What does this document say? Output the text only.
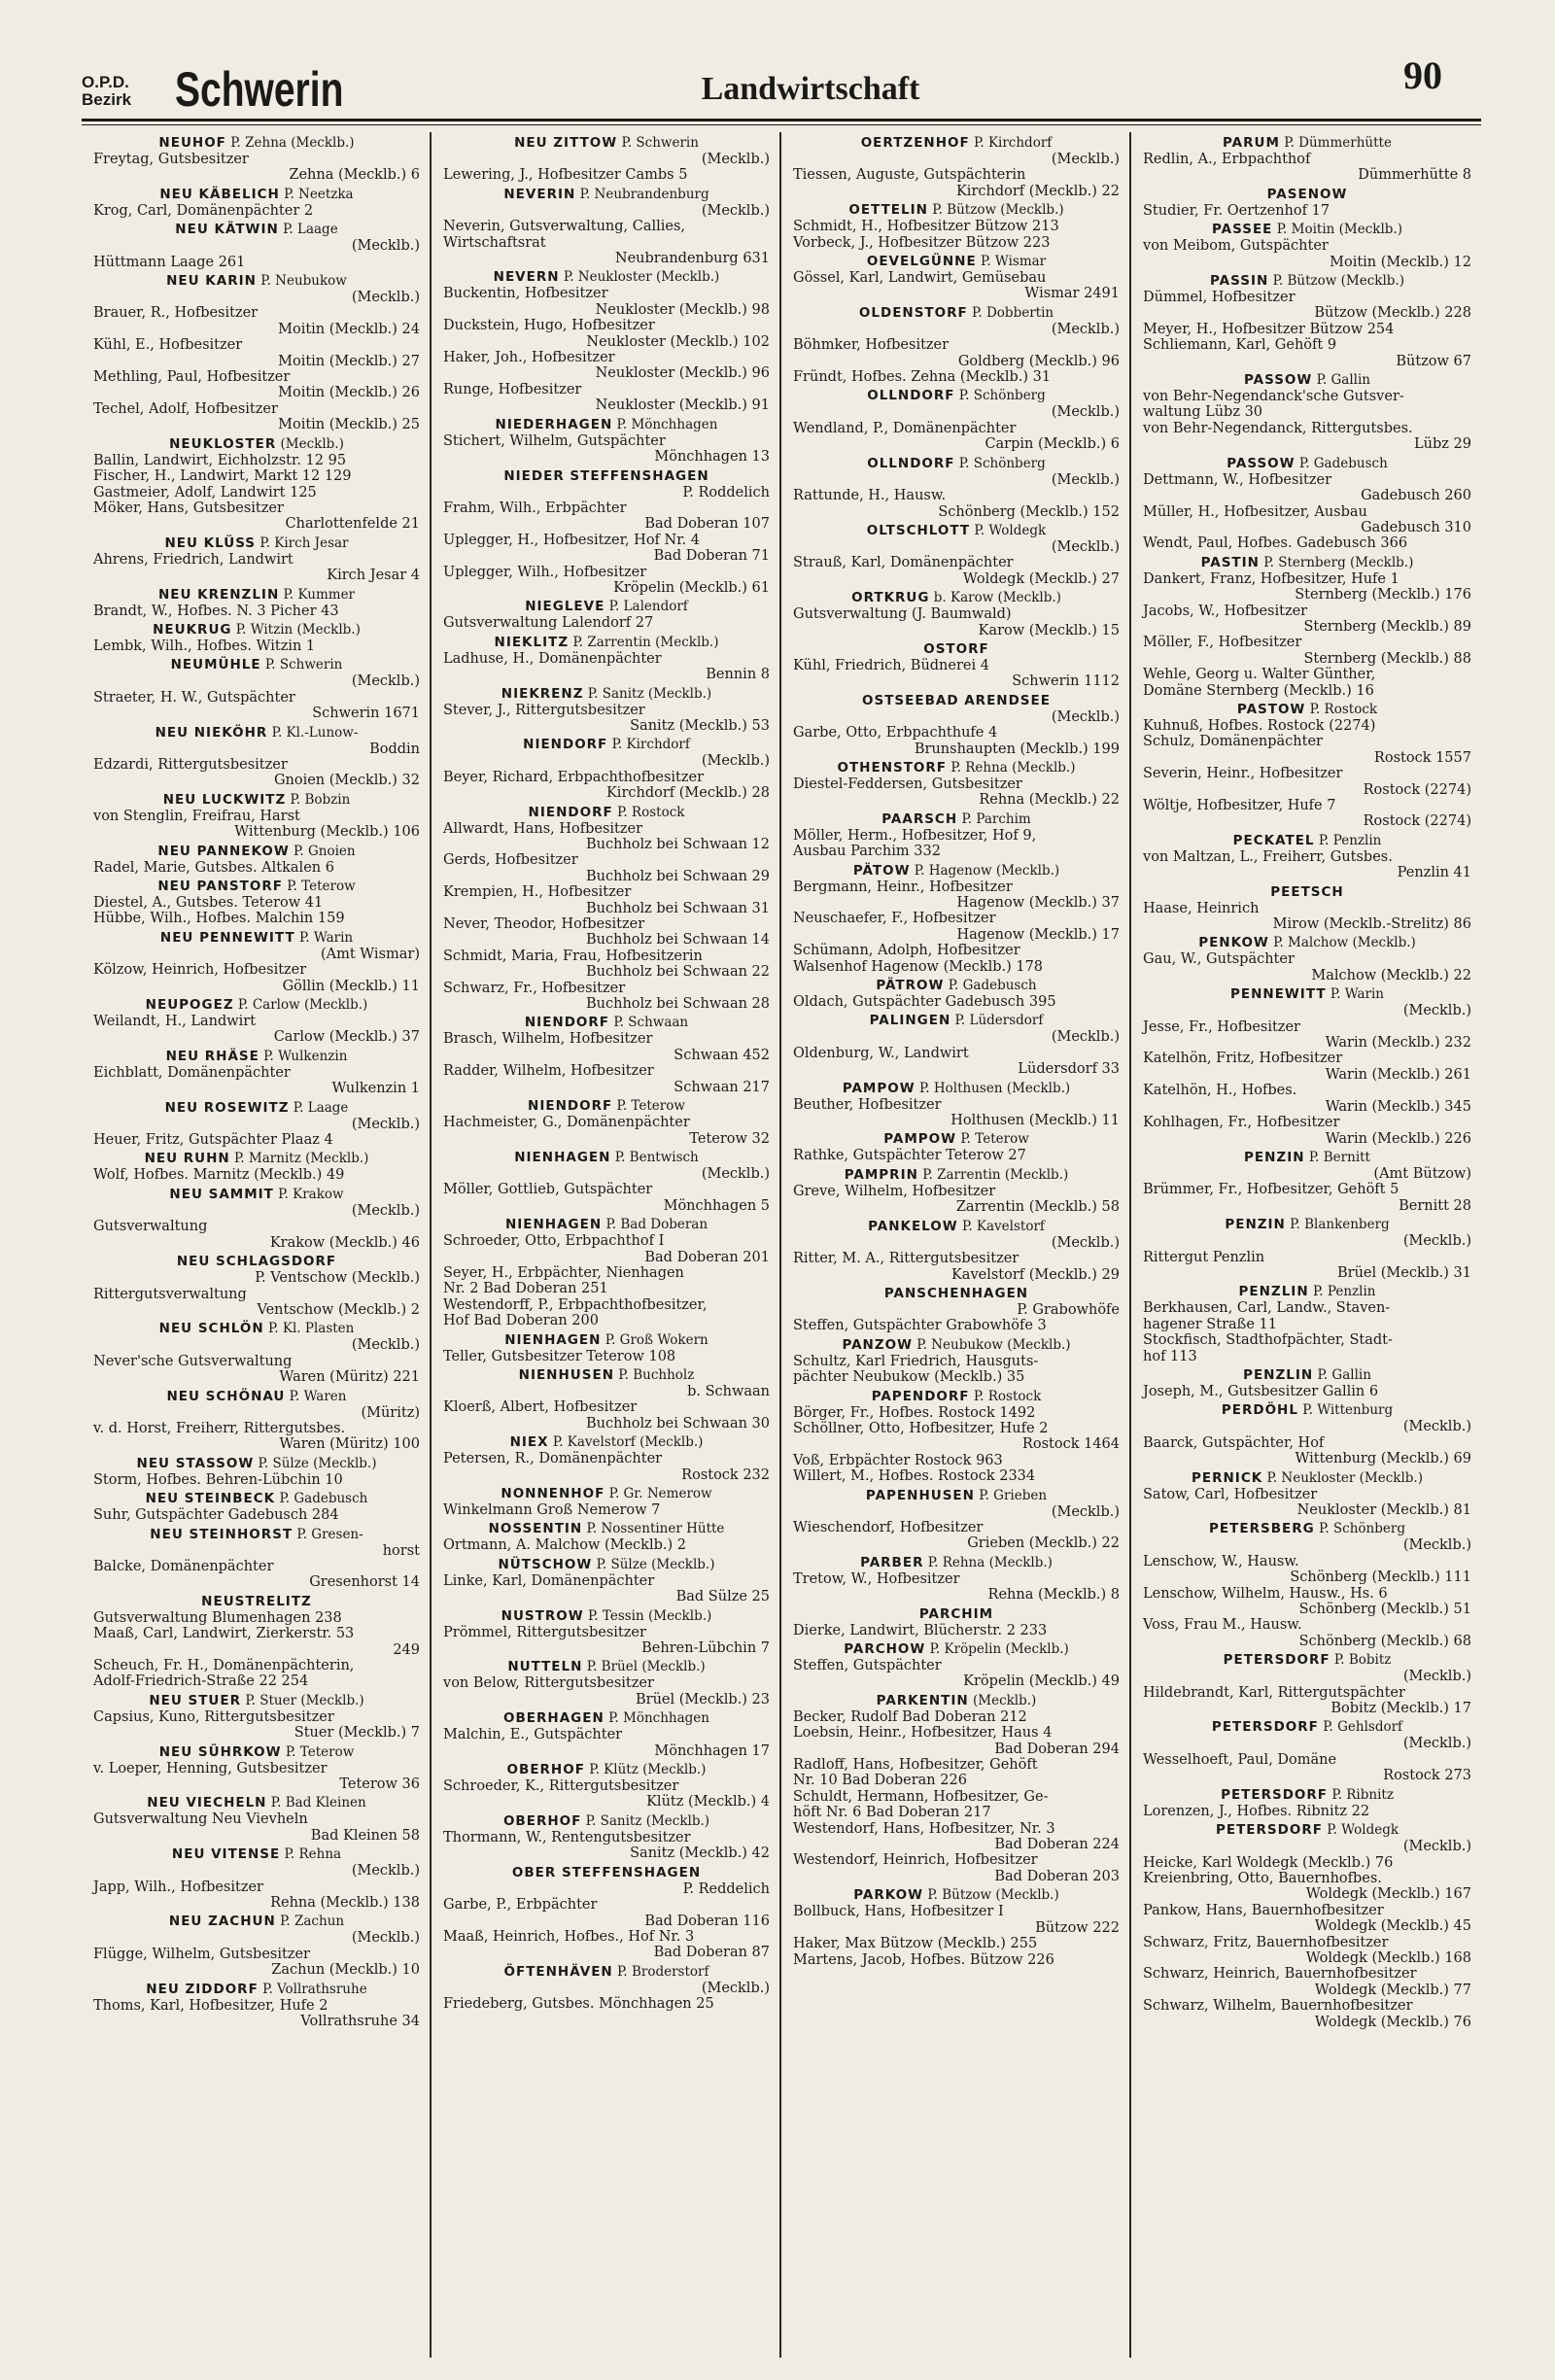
O.P.D.
Bezirk Schwerin	Landwirtschaft	90
NEUHOF P. Zehna (Mecklb.)
Freytag, Gutsbesitzer
Zehna (Mecklb.) 6
NEU KÄBELICH P. Neetzka
Krog, Carl, Domänenpächter 2
NEU KÄTWIN P. Laage
(Mecklb.)
Hüttmann Laage 261
NEU KARIN P. Neubukow
(Mecklb.)
Brauer, R., Hofbesitzer
Moitin (Mecklb.) 24
Kühl, E., Hofbesitzer
Moitin (Mecklb.) 27
Methling, Paul, Hofbesitzer
Moitin (Mecklb.) 26
Techel, Adolf, Hofbesitzer
Moitin (Mecklb.) 25
NEUKLOSTER (Mecklb.)
Ballin, Landwirt, Eichholzstr. 12 95
Fischer, H., Landwirt, Markt 12 129
Gastmeier, Adolf, Landwirt 125
Möker, Hans, Gutsbesitzer
Charlottenfelde 21
NEU KLÜSS P. Kirch Jesar
Ahrens, Friedrich, Landwirt
Kirch Jesar 4
NEU KRENZLIN P. Kummer
Brandt, W., Hofbes. N. 3 Picher 43
NEUKRUG P. Witzin (Mecklb.)
Lembk, Wilh., Hofbes. Witzin 1
NEUMÜHLE P. Schwerin
(Mecklb.)
Straeter, H. W., Gutspächter
Schwerin 1671
NEU NIEKÖHR P. Kl.-Lunow-
Boddin
Edzardi, Rittergutsbesitzer
Gnoien (Mecklb.) 32
NEU LUCKWITZ P. Bobzin
von Stenglin, Freifrau, Harst
Wittenburg (Mecklb.) 106
NEU PANNEKOW P. Gnoien
Radel, Marie, Gutsbes. Altkalen 6
NEU PANSTORF P. Teterow
Diestel, A., Gutsbes. Teterow 41
Hübbe, Wilh., Hofbes. Malchin 159
NEU PENNEWITT P. Warin
(Amt Wismar)
Kölzow, Heinrich, Hofbesitzer
Göllin (Mecklb.) 11
NEUPOGEZ P. Carlow (Mecklb.)
Weilandt, H., Landwirt
Carlow (Mecklb.) 37
NEU RHÄSE P. Wulkenzin
Eichblatt, Domänenpächter
Wulkenzin 1
NEU ROSEWITZ P. Laage
(Mecklb.)
Heuer, Fritz, Gutspächter Plaaz 4
NEU RUHN P. Marnitz (Mecklb.)
Wolf, Hofbes. Marnitz (Mecklb.) 49
NEU SAMMIT P. Krakow
(Mecklb.)
Gutsverwaltung
Krakow (Mecklb.) 46
NEU SCHLAGSDORF
P. Ventschow (Mecklb.)
Rittergutsverwaltung
Ventschow (Mecklb.) 2
NEU SCHLÖN P. Kl. Plasten
(Mecklb.)
Never'sche Gutsverwaltung
Waren (Müritz) 221
NEU SCHÖNAU P. Waren
(Müritz)
v. d. Horst, Freiherr, Rittergutsbes.
Waren (Müritz) 100
NEU STASSOW P. Sülze (Mecklb.)
Storm, Hofbes. Behren-Lübchin 10
NEU STEINBECK P. Gadebusch
Suhr, Gutspächter Gadebusch 284
NEU STEINHORST P. Gresen-
horst
Balcke, Domänenpächter
Gresenhorst 14
NEUSTRELITZ
Gutsverwaltung Blumenhagen 238
Maaß, Carl, Landwirt, Zierkerstr. 53
249
Scheuch, Fr. H., Domänenpächterin,
Adolf-Friedrich-Straße 22 254
NEU STUER P. Stuer (Mecklb.)
Capsius, Kuno, Rittergutsbesitzer
Stuer (Mecklb.) 7
NEU SÜHRKOW P. Teterow
v. Loeper, Henning, Gutsbesitzer
Teterow 36
NEU VIECHELN P. Bad Kleinen
Gutsverwaltung Neu Vievheln
Bad Kleinen 58
NEU VITENSE P. Rehna
(Mecklb.)
Japp, Wilh., Hofbesitzer
Rehna (Mecklb.) 138
NEU ZACHUN P. Zachun
(Mecklb.)
Flügge, Wilhelm, Gutsbesitzer
Zachun (Mecklb.) 10
NEU ZIDDORF P. Vollrathsruhe
Thoms, Karl, Hofbesitzer, Hufe 2
Vollrathsruhe 34
NEU ZITTOW P. Schwerin
(Mecklb.)
Lewering, J., Hofbesitzer Cambs 5
NEVERIN P. Neubrandenburg
(Mecklb.)
Neverin, Gutsverwaltung, Callies,
Wirtschaftsrat
Neubrandenburg 631
NEVERN P. Neukloster (Mecklb.)
Buckentin, Hofbesitzer
Neukloster (Mecklb.) 98
Duckstein, Hugo, Hofbesitzer
Neukloster (Mecklb.) 102
Haker, Joh., Hofbesitzer
Neukloster (Mecklb.) 96
Runge, Hofbesitzer
Neukloster (Mecklb.) 91
NIEDERHAGEN P. Mönchhagen
Stichert, Wilhelm, Gutspächter
Mönchhagen 13
NIEDER STEFFENSHAGEN
P. Roddelich
Frahm, Wilh., Erbpächter
Bad Doberan 107
Uplegger, H., Hofbesitzer, Hof Nr. 4
Bad Doberan 71
Uplegger, Wilh., Hofbesitzer
Kröpelin (Mecklb.) 61
NIEGLEVE P. Lalendorf
Gutsverwaltung Lalendorf 27
NIEKLITZ P. Zarrentin (Mecklb.)
Ladhuse, H., Domänenpächter
Bennin 8
NIEKRENZ P. Sanitz (Mecklb.)
Stever, J., Rittergutsbesitzer
Sanitz (Mecklb.) 53
NIENDORF P. Kirchdorf
(Mecklb.)
Beyer, Richard, Erbpachthofbesitzer
Kirchdorf (Mecklb.) 28
NIENDORF P. Rostock
Allwardt, Hans, Hofbesitzer
Buchholz bei Schwaan 12
Gerds, Hofbesitzer
Buchholz bei Schwaan 29
Krempien, H., Hofbesitzer
Buchholz bei Schwaan 31
Never, Theodor, Hofbesitzer
Buchholz bei Schwaan 14
Schmidt, Maria, Frau, Hofbesitzerin
Buchholz bei Schwaan 22
Schwarz, Fr., Hofbesitzer
Buchholz bei Schwaan 28
NIENDORF P. Schwaan
Brasch, Wilhelm, Hofbesitzer
Schwaan 452
Radder, Wilhelm, Hofbesitzer
Schwaan 217
NIENDORF P. Teterow
Hachmeister, G., Domänenpächter
Teterow 32
NIENHAGEN P. Bentwisch
(Mecklb.)
Möller, Gottlieb, Gutspächter
Mönchhagen 5
NIENHAGEN P. Bad Doberan
Schroeder, Otto, Erbpachthof I
Bad Doberan 201
Seyer, H., Erbpächter, Nienhagen
Nr. 2 Bad Doberan 251
Westendorff, P., Erbpachthofbesitzer,
Hof Bad Doberan 200
NIENHAGEN P. Groß Wokern
Teller, Gutsbesitzer Teterow 108
NIENHUSEN P. Buchholz
b. Schwaan
Kloerß, Albert, Hofbesitzer
Buchholz bei Schwaan 30
NIEX P. Kavelstorf (Mecklb.)
Petersen, R., Domänenpächter
Rostock 232
NONNENHOF P. Gr. Nemerow
Winkelmann Groß Nemerow 7
NOSSENTIN P. Nossentiner Hütte
Ortmann, A. Malchow (Mecklb.) 2
NÜTSCHOW P. Sülze (Mecklb.)
Linke, Karl, Domänenpächter
Bad Sülze 25
NUSTROW P. Tessin (Mecklb.)
Prömmel, Rittergutsbesitzer
Behren-Lübchin 7
NUTTELN P. Brüel (Mecklb.)
von Below, Rittergutsbesitzer
Brüel (Mecklb.) 23
OBERHAGEN P. Mönchhagen
Malchin, E., Gutspächter
Mönchhagen 17
OBERHOF P. Klütz (Mecklb.)
Schroeder, K., Rittergutsbesitzer
Klütz (Mecklb.) 4
OBERHOF P. Sanitz (Mecklb.)
Thormann, W., Rentengutsbesitzer
Sanitz (Mecklb.) 42
OBER STEFFENSHAGEN
P. Reddelich
Garbe, P., Erbpächter
Bad Doberan 116
Maaß, Heinrich, Hofbes., Hof Nr. 3
Bad Doberan 87
ÖFTENHÄVEN P. Broderstorf
(Mecklb.)
Friedeberg, Gutsbes. Mönchhagen 25
OERTZENHOF P. Kirchdorf
(Mecklb.)
Tiessen, Auguste, Gutspächterin
Kirchdorf (Mecklb.) 22
OETTELIN P. Bützow (Mecklb.)
Schmidt, H., Hofbesitzer Bützow 213
Vorbeck, J., Hofbesitzer Bützow 223
OEVELGÜNNE P. Wismar
Gössel, Karl, Landwirt, Gemüsebau
Wismar 2491
OLDENSTORF P. Dobbertin
(Mecklb.)
Böhmker, Hofbesitzer
Goldberg (Mecklb.) 96
Fründt, Hofbes. Zehna (Mecklb.) 31
OLLNDORF P. Schönberg
(Mecklb.)
Wendland, P., Domänenpächter
Carpin (Mecklb.) 6
OLLNDORF P. Schönberg
(Mecklb.)
Rattunde, H., Hausw.
Schönberg (Mecklb.) 152
OLTSCHLOTT P. Woldegk
(Mecklb.)
Strauß, Karl, Domänenpächter
Woldegk (Mecklb.) 27
ORTKRUG b. Karow (Mecklb.)
Gutsverwaltung (J. Baumwald)
Karow (Mecklb.) 15
OSTORF
Kühl, Friedrich, Büdnerei 4
Schwerin 1112
OSTSEEBAD ARENDSEE
(Mecklb.)
Garbe, Otto, Erbpachthufe 4
Brunshaupten (Mecklb.) 199
OTHENSTORF P. Rehna (Mecklb.)
Diestel-Feddersen, Gutsbesitzer
Rehna (Mecklb.) 22
PAARSCH P. Parchim
Möller, Herm., Hofbesitzer, Hof 9,
Ausbau Parchim 332
PÄTOW P. Hagenow (Mecklb.)
Bergmann, Heinr., Hofbesitzer
Hagenow (Mecklb.) 37
Neuschaefer, F., Hofbesitzer
Hagenow (Mecklb.) 17
Schümann, Adolph, Hofbesitzer
Walsenhof Hagenow (Mecklb.) 178
PÄTROW P. Gadebusch
Oldach, Gutspächter Gadebusch 395
PALINGEN P. Lüdersdorf
(Mecklb.)
Oldenburg, W., Landwirt
Lüdersdorf 33
PAMPOW P. Holthusen (Mecklb.)
Beuther, Hofbesitzer
Holthusen (Mecklb.) 11
PAMPOW P. Teterow
Rathke, Gutspächter Teterow 27
PAMPRIN P. Zarrentin (Mecklb.)
Greve, Wilhelm, Hofbesitzer
Zarrentin (Mecklb.) 58
PANKELOW P. Kavelstorf
(Mecklb.)
Ritter, M. A., Rittergutsbesitzer
Kavelstorf (Mecklb.) 29
PANSCHENHAGEN
P. Grabowhöfe
Steffen, Gutspächter Grabowhöfe 3
PANZOW P. Neubukow (Mecklb.)
Schultz, Karl Friedrich, Hausguts-
pächter Neubukow (Mecklb.) 35
PAPENDORF P. Rostock
Börger, Fr., Hofbes. Rostock 1492
Schöllner, Otto, Hofbesitzer, Hufe 2
Rostock 1464
Voß, Erbpächter Rostock 963
Willert, M., Hofbes. Rostock 2334
PAPENHUSEN P. Grieben
(Mecklb.)
Wieschendorf, Hofbesitzer
Grieben (Mecklb.) 22
PARBER P. Rehna (Mecklb.)
Tretow, W., Hofbesitzer
Rehna (Mecklb.) 8
PARCHIM
Dierke, Landwirt, Blücherstr. 2 233
PARCHOW P. Kröpelin (Mecklb.)
Steffen, Gutspächter
Kröpelin (Mecklb.) 49
PARKENTIN (Mecklb.)
Becker, Rudolf Bad Doberan 212
Loebsin, Heinr., Hofbesitzer, Haus 4
Bad Doberan 294
Radloff, Hans, Hofbesitzer, Gehöft
Nr. 10 Bad Doberan 226
Schuldt, Hermann, Hofbesitzer, Ge-
höft Nr. 6 Bad Doberan 217
Westendorf, Hans, Hofbesitzer, Nr. 3
Bad Doberan 224
Westendorf, Heinrich, Hofbesitzer
Bad Doberan 203
PARKOW P. Bützow (Mecklb.)
Bollbuck, Hans, Hofbesitzer I
Bützow 222
Haker, Max Bützow (Mecklb.) 255
Martens, Jacob, Hofbes. Bützow 226
PARUM P. Dümmerhütte
Redlin, A., Erbpachthof
Dümmerhütte 8
PASENOW
Studier, Fr. Oertzenhof 17
PASSEE P. Moitin (Mecklb.)
von Meibom, Gutspächter
Moitin (Mecklb.) 12
PASSIN P. Bützow (Mecklb.)
Dümmel, Hofbesitzer
Bützow (Mecklb.) 228
Meyer, H., Hofbesitzer Bützow 254
Schliemann, Karl, Gehöft 9
Bützow 67
PASSOW P. Gallin
von Behr-Negendanck'sche Gutsver-
waltung Lübz 30
von Behr-Negendanck, Rittergutsbes.
Lübz 29
PASSOW P. Gadebusch
Dettmann, W., Hofbesitzer
Gadebusch 260
Müller, H., Hofbesitzer, Ausbau
Gadebusch 310
Wendt, Paul, Hofbes. Gadebusch 366
PASTIN P. Sternberg (Mecklb.)
Dankert, Franz, Hofbesitzer, Hufe 1
Sternberg (Mecklb.) 176
Jacobs, W., Hofbesitzer
Sternberg (Mecklb.) 89
Möller, F., Hofbesitzer
Sternberg (Mecklb.) 88
Wehle, Georg u. Walter Günther,
Domäne Sternberg (Mecklb.) 16
PASTOW P. Rostock
Kuhnuß, Hofbes. Rostock (2274)
Schulz, Domänenpächter
Rostock 1557
Severin, Heinr., Hofbesitzer
Rostock (2274)
Wöltje, Hofbesitzer, Hufe 7
Rostock (2274)
PECKATEL P. Penzlin
von Maltzan, L., Freiherr, Gutsbes.
Penzlin 41
PEETSCH
Haase, Heinrich
Mirow (Mecklb.-Strelitz) 86
PENKOW P. Malchow (Mecklb.)
Gau, W., Gutspächter
Malchow (Mecklb.) 22
PENNEWITT P. Warin
(Mecklb.)
Jesse, Fr., Hofbesitzer
Warin (Mecklb.) 232
Katelhön, Fritz, Hofbesitzer
Warin (Mecklb.) 261
Katelhön, H., Hofbes.
Warin (Mecklb.) 345
Kohlhagen, Fr., Hofbesitzer
Warin (Mecklb.) 226
PENZIN P. Bernitt
(Amt Bützow)
Brümmer, Fr., Hofbesitzer, Gehöft 5
Bernitt 28
PENZIN P. Blankenberg
(Mecklb.)
Rittergut Penzlin
Brüel (Mecklb.) 31
PENZLIN P. Penzlin
Berkhausen, Carl, Landw., Staven-
hagener Straße 11
Stockfisch, Stadthofpächter, Stadt-
hof 113
PENZLIN P. Gallin
Joseph, M., Gutsbesitzer Gallin 6
PERDÖHL P. Wittenburg
(Mecklb.)
Baarck, Gutspächter, Hof
Wittenburg (Mecklb.) 69
PERNICK P. Neukloster (Mecklb.)
Satow, Carl, Hofbesitzer
Neukloster (Mecklb.) 81
PETERSBERG P. Schönberg
(Mecklb.)
Lenschow, W., Hausw.
Schönberg (Mecklb.) 111
Lenschow, Wilhelm, Hausw., Hs. 6
Schönberg (Mecklb.) 51
Voss, Frau M., Hausw.
Schönberg (Mecklb.) 68
PETERSDORF P. Bobitz
(Mecklb.)
Hildebrandt, Karl, Rittergutspächter
Bobitz (Mecklb.) 17
PETERSDORF P. Gehlsdorf
(Mecklb.)
Wesselhoeft, Paul, Domäne
Rostock 273
PETERSDORF P. Ribnitz
Lorenzen, J., Hofbes. Ribnitz 22
PETERSDORF P. Woldegk
(Mecklb.)
Heicke, Karl Woldegk (Mecklb.) 76
Kreienbring, Otto, Bauernhofbes.
Woldegk (Mecklb.) 167
Pankow, Hans, Bauernhofbesitzer
Woldegk (Mecklb.) 45
Schwarz, Fritz, Bauernhofbesitzer
Woldegk (Mecklb.) 168
Schwarz, Heinrich, Bauernhofbesitzer
Woldegk (Mecklb.) 77
Schwarz, Wilhelm, Bauernhofbesitzer
Woldegk (Mecklb.) 76
